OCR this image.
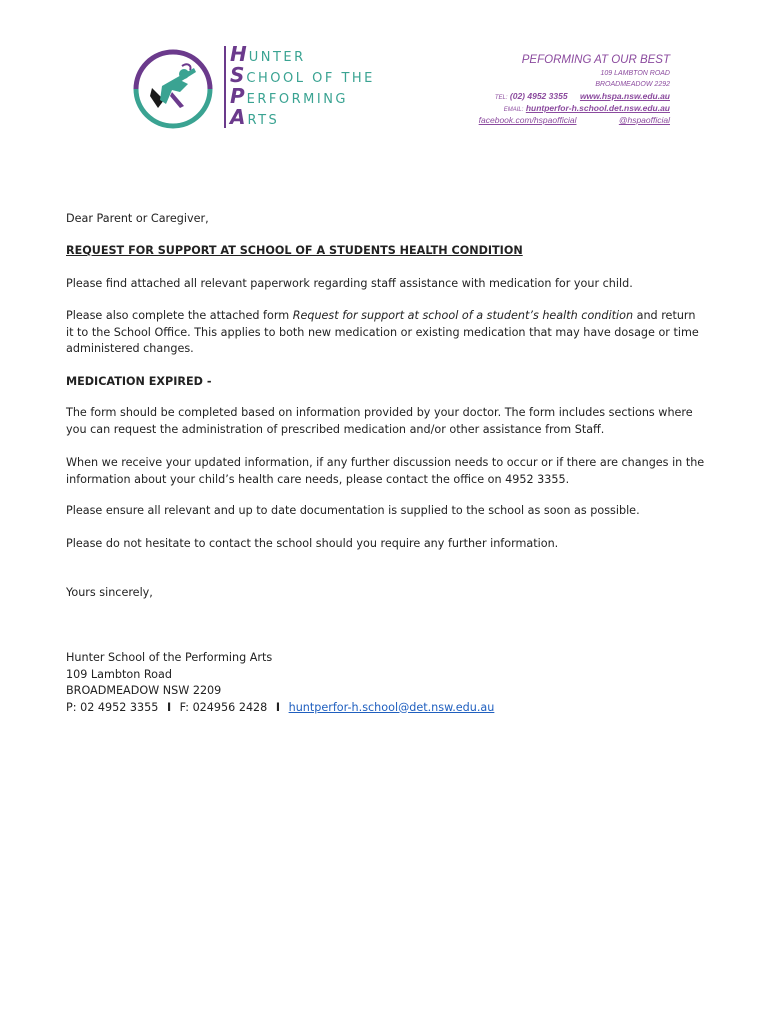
HUNTER
SCHOOL OF THE
PERFORMING
ARTS
PEFORMING AT OUR BEST
109 LAMBTON ROAD
BROADMEADOW 2292
TEL: (02) 4952 3355 www.hspa.nsw.edu.au
EMAIL: huntperfor-h.school.det.nsw.edu.au
facebook.com/hspaofficial	@hspaofficial

Dear Parent or Caregiver,

REQUEST FOR SUPPORT AT SCHOOL OF A STUDENTS HEALTH CONDITION

Please find attached all relevant paperwork regarding staff assistance with medication for your child.

Please also complete the attached form Request for support at school of a student’s health condition and return it to the School Office. This applies to both new medication or existing medication that may have dosage or time administered changes.

MEDICATION EXPIRED -

The form should be completed based on information provided by your doctor. The form includes sections where you can request the administration of prescribed medication and/or other assistance from Staff.

When we receive your updated information, if any further discussion needs to occur or if there are changes in the information about your child’s health care needs, please contact the office on 4952 3355.

Please ensure all relevant and up to date documentation is supplied to the school as soon as possible.

Please do not hesitate to contact the school should you require any further information.

Yours sincerely,

Hunter School of the Performing Arts
109 Lambton Road
BROADMEADOW NSW 2209
P: 02 4952 3355 I F: 024956 2428 I huntperfor-h.school@det.nsw.edu.au
